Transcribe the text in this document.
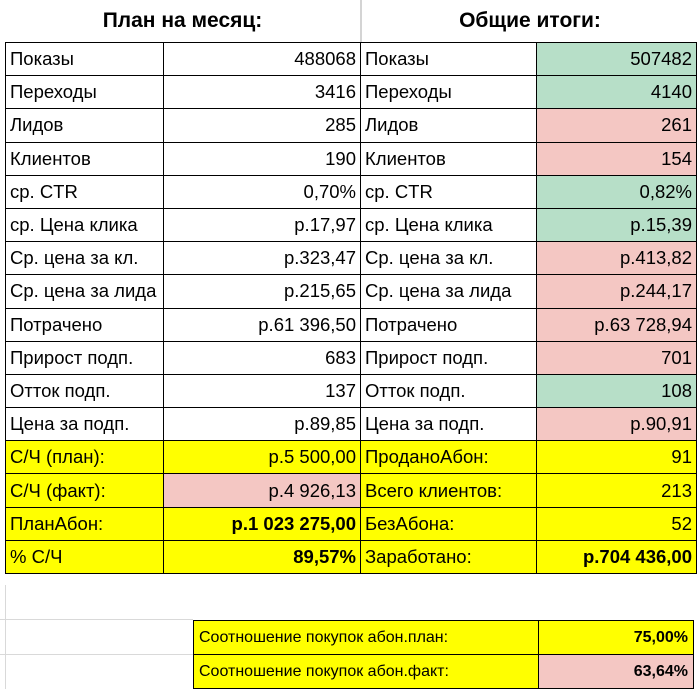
План на месяц:	Общие итоги:
Показы	488068	Показы	507482
Переходы	3416	Переходы	4140
Лидов	285	Лидов	261
Клиентов	190	Клиентов	154
ср. CTR	0,70%	ср. CTR	0,82%
ср. Цена клика	р.17,97	ср. Цена клика	р.15,39
Ср. цена за кл.	р.323,47	Ср. цена за кл.	р.413,82
Ср. цена за лида	р.215,65	Ср. цена за лида	р.244,17
Потрачено	р.61 396,50	Потрачено	р.63 728,94
Прирост подп.	683	Прирост подп.	701
Отток подп.	137	Отток подп.	108
Цена за подп.	р.89,85	Цена за подп.	р.90,91
С/Ч (план):	р.5 500,00	ПроданоАбон:	91
С/Ч (факт):	р.4 926,13	Всего клиентов:	213
ПланАбон:	р.1 023 275,00	БезАбона:	52
% С/Ч	89,57%	Заработано:	р.704 436,00
Соотношение покупок абон.план:	75,00%
Соотношение покупок абон.факт:	63,64%
